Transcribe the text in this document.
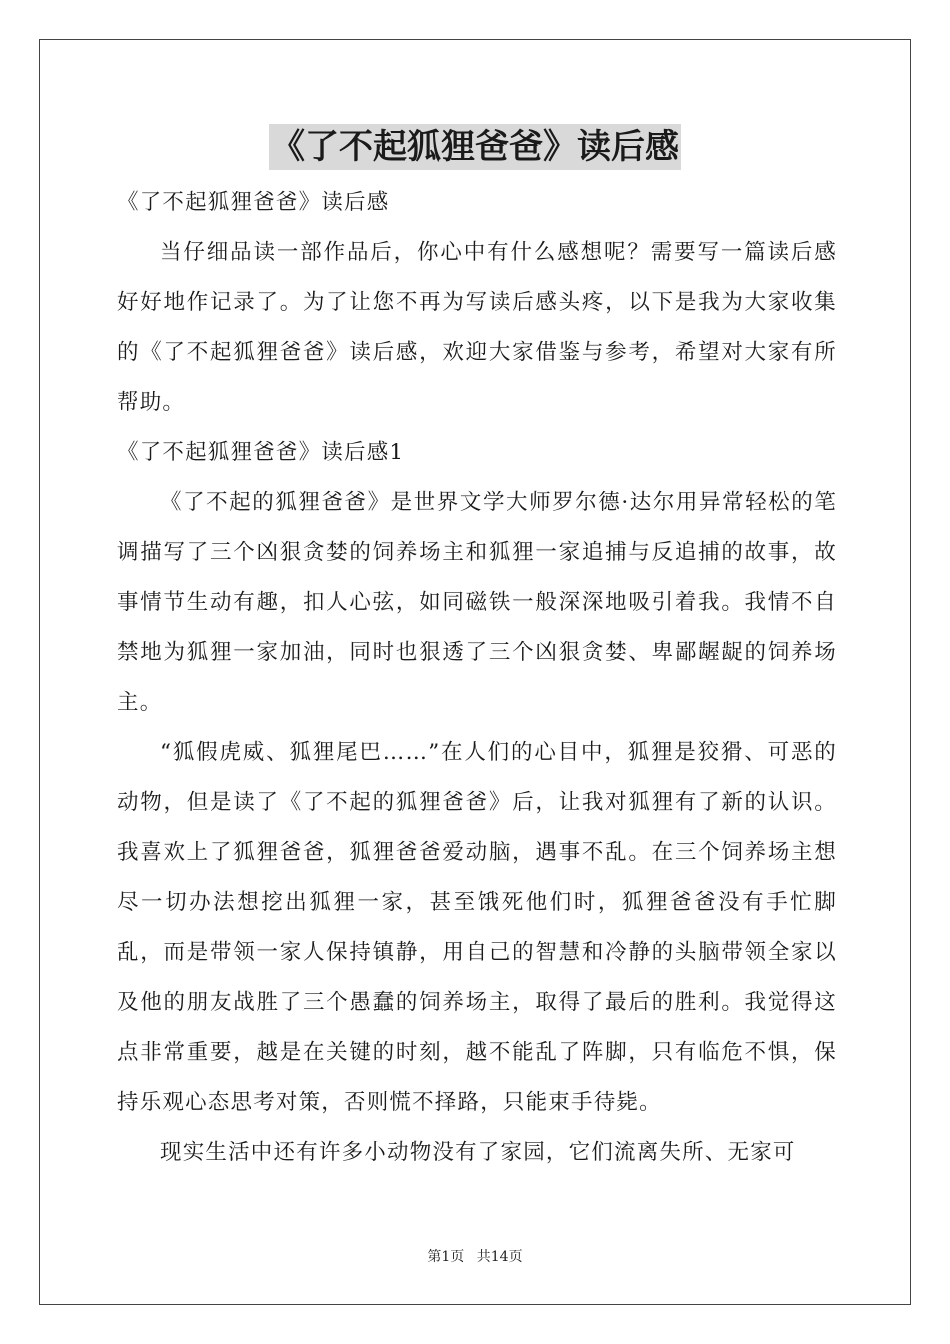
《了不起狐狸爸爸》读后感

《了不起狐狸爸爸》读后感

当仔细品读一部作品后，你心中有什么感想呢？需要写一篇读后感好好地作记录了。为了让您不再为写读后感头疼，以下是我为大家收集的《了不起狐狸爸爸》读后感，欢迎大家借鉴与参考，希望对大家有所帮助。

《了不起狐狸爸爸》读后感1

《了不起的狐狸爸爸》是世界文学大师罗尔德·达尔用异常轻松的笔调描写了三个凶狠贪婪的饲养场主和狐狸一家追捕与反追捕的故事，故事情节生动有趣，扣人心弦，如同磁铁一般深深地吸引着我。我情不自禁地为狐狸一家加油，同时也狠透了三个凶狠贪婪、卑鄙龌龊的饲养场主。

“狐假虎威、狐狸尾巴……”在人们的心目中，狐狸是狡猾、可恶的动物，但是读了《了不起的狐狸爸爸》后，让我对狐狸有了新的认识。我喜欢上了狐狸爸爸，狐狸爸爸爱动脑，遇事不乱。在三个饲养场主想尽一切办法想挖出狐狸一家，甚至饿死他们时，狐狸爸爸没有手忙脚乱，而是带领一家人保持镇静，用自己的智慧和冷静的头脑带领全家以及他的朋友战胜了三个愚蠢的饲养场主，取得了最后的胜利。我觉得这点非常重要，越是在关键的时刻，越不能乱了阵脚，只有临危不惧，保持乐观心态思考对策，否则慌不择路，只能束手待毙。

现实生活中还有许多小动物没有了家园，它们流离失所、无家可

第1页 共14页
